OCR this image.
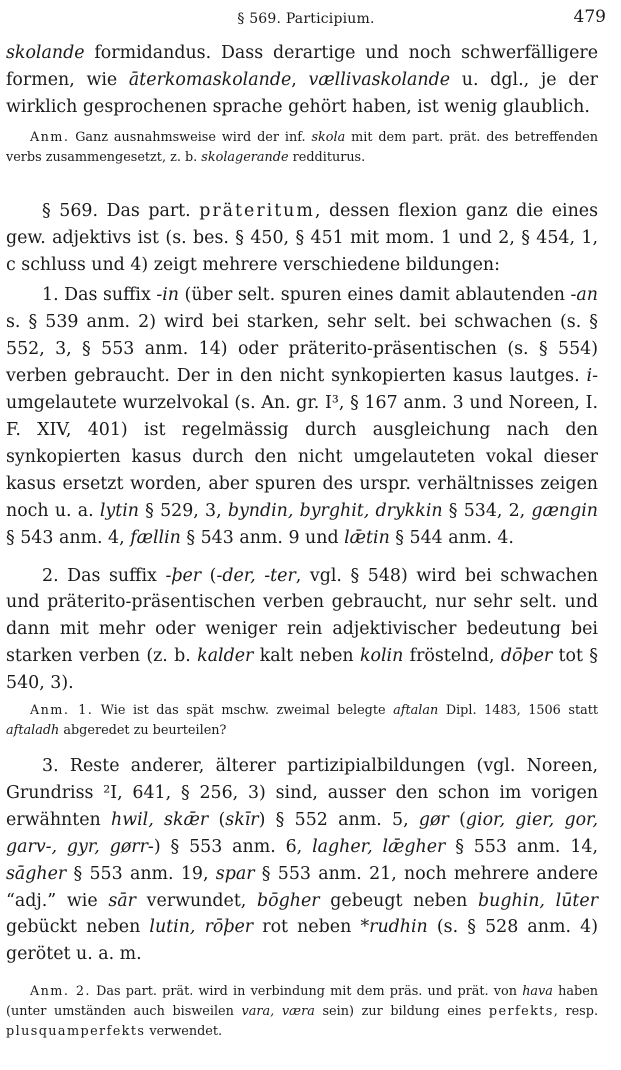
§ 569. Participium.	479

skolande formidandus. Dass derartige und noch schwerfälligere formen, wie āterkomaskolande, vællivaskolande u. dgl., je der wirklich gesprochenen sprache gehört haben, ist wenig glaublich.

Anm. Ganz ausnahmsweise wird der inf. skola mit dem part. prät. des betreffenden verbs zusammengesetzt, z. b. skolagerande redditurus.

§ 569. Das part. präteritum, dessen flexion ganz die eines gew. adjektivs ist (s. bes. § 450, § 451 mit mom. 1 und 2, § 454, 1, c schluss und 4) zeigt mehrere verschiedene bildungen:

1. Das suffix -in (über selt. spuren eines damit ablautenden -an s. § 539 anm. 2) wird bei starken, sehr selt. bei schwachen (s. § 552, 3, § 553 anm. 14) oder präterito-präsentischen (s. § 554) verben gebraucht. Der in den nicht synkopierten kasus lautges. i-umgelautete wurzelvokal (s. An. gr. I³, § 167 anm. 3 und Noreen, I. F. XIV, 401) ist regelmässig durch ausgleichung nach den synkopierten kasus durch den nicht umgelauteten vokal dieser kasus ersetzt worden, aber spuren des urspr. verhältnisses zeigen noch u. a. lytin § 529, 3, byndin, byrghit, drykkin § 534, 2, gængin § 543 anm. 4, fællin § 543 anm. 9 und lǣtin § 544 anm. 4.

2. Das suffix -þer (-der, -ter, vgl. § 548) wird bei schwachen und präterito-präsentischen verben gebraucht, nur sehr selt. und dann mit mehr oder weniger rein adjektivischer bedeutung bei starken verben (z. b. kalder kalt neben kolin fröstelnd, dōþer tot § 540, 3).

Anm. 1. Wie ist das spät mschw. zweimal belegte aftalan Dipl. 1483, 1506 statt aftaladh abgeredet zu beurteilen?

3. Reste anderer, älterer partizipialbildungen (vgl. Noreen, Grundriss ²I, 641, § 256, 3) sind, ausser den schon im vorigen erwähnten hwil, skǣr (skīr) § 552 anm. 5, gør (gior, gier, gor, garv-, gyr, gørr-) § 553 anm. 6, lagher, lǣgher § 553 anm. 14, sāgher § 553 anm. 19, spar § 553 anm. 21, noch mehrere andere “adj.” wie sār verwundet, bōgher gebeugt neben bughin, lūter gebückt neben lutin, rōþer rot neben *rudhin (s. § 528 anm. 4) gerötet u. a. m.

Anm. 2. Das part. prät. wird in verbindung mit dem präs. und prät. von hava haben (unter umständen auch bisweilen vara, væra sein) zur bildung eines perfekts, resp. plusquamperfekts verwendet.
